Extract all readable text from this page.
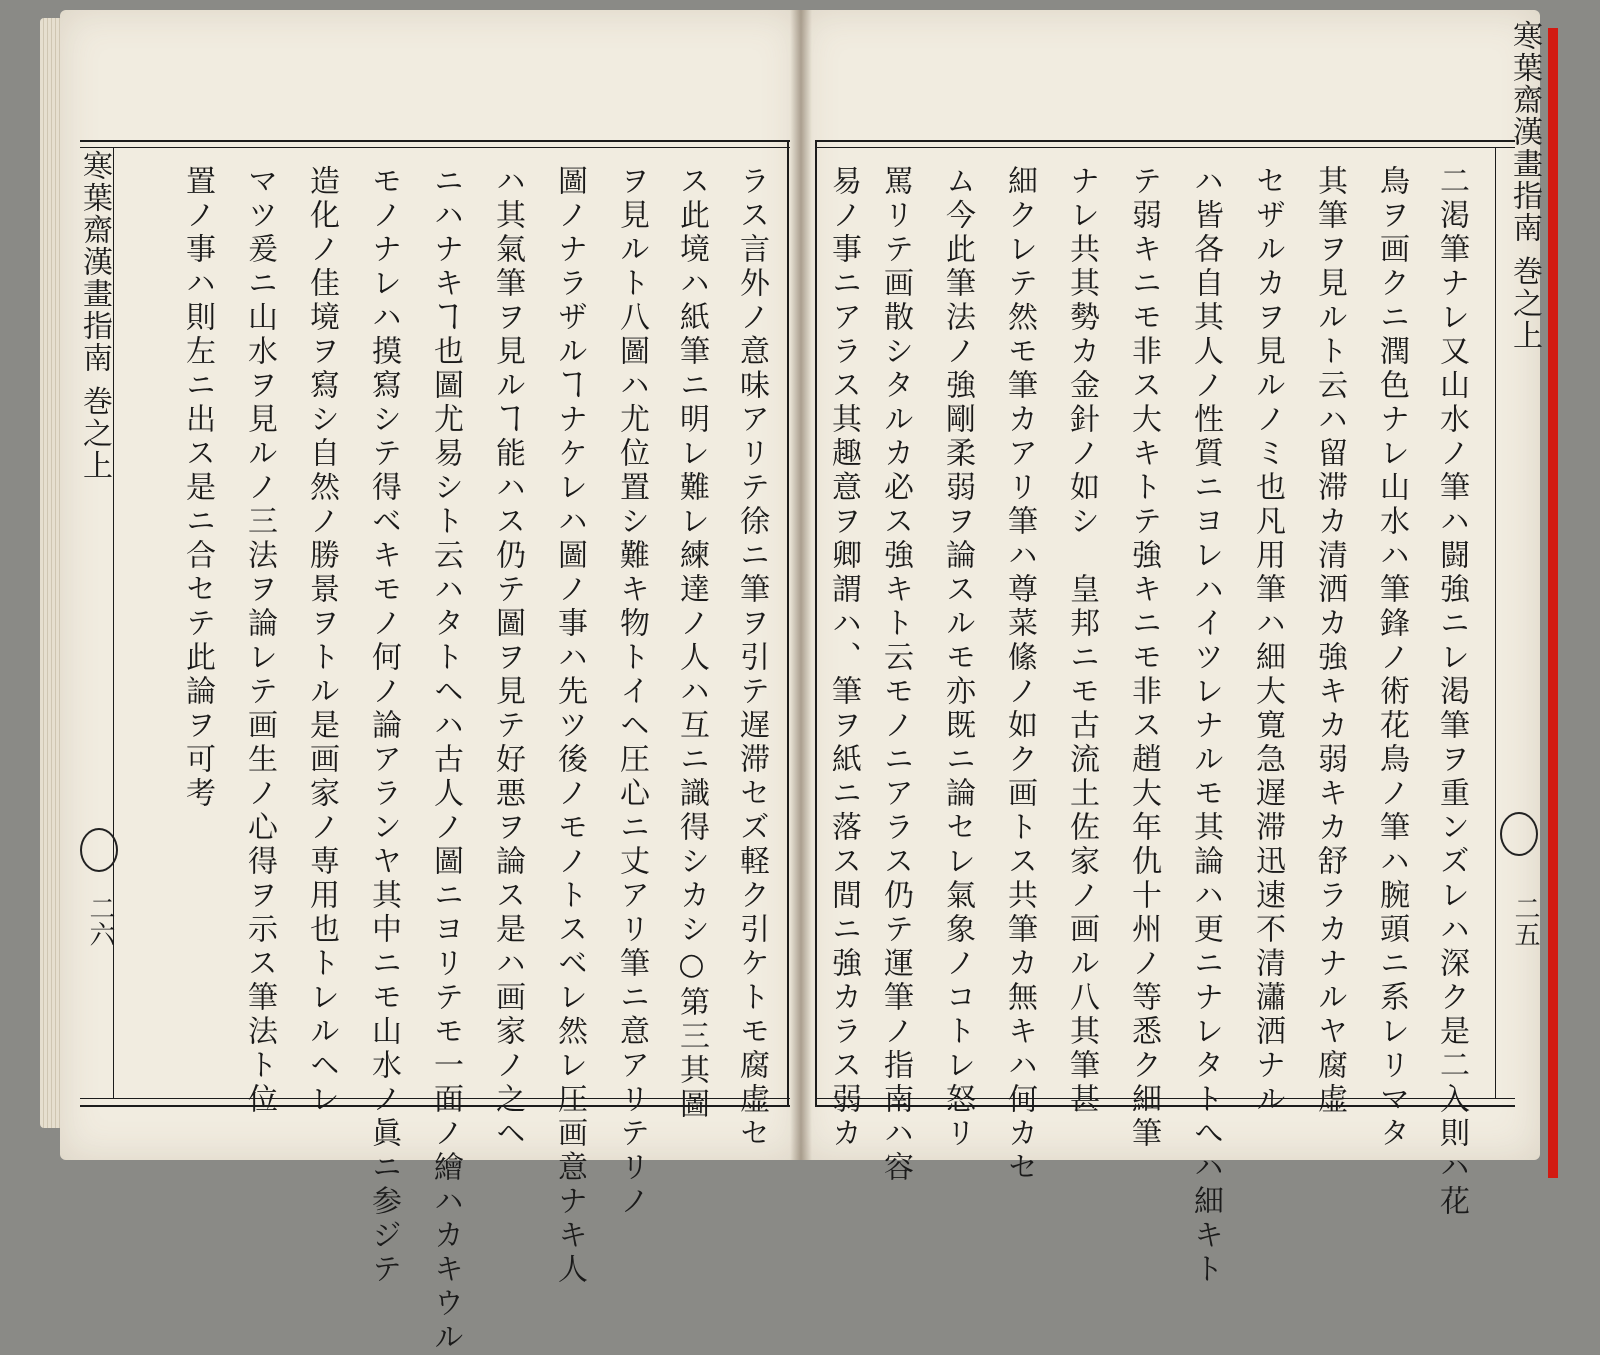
寒葉齋漢畫指南 巻之上	寒葉齋漢畫指南 巻之上
二六	二五
二渇筆ナレ又山水ノ筆ハ闘強ニレ渇筆ヲ重ンズレハ深ク是二入則ハ花
鳥ヲ画クニ潤色ナレ山水ハ筆鋒ノ術花鳥ノ筆ハ腕頭ニ系レリマタ
其筆ヲ見ルト云ハ留滞カ清洒カ強キカ弱キカ舒ラカナルヤ腐虚
セザルカヲ見ルノミ也凡用筆ハ細大寛急遅滞迅速不清瀟洒ナル
ハ皆各自其人ノ性質ニヨレハイツレナルモ其論ハ更ニナレタトへハ細キト
テ弱キニモ非ス大キトテ強キニモ非ス趙大年仇十州ノ等悉ク細筆
ナレ共其勢カ金針ノ如シ　皇邦ニモ古流土佐家ノ画ル八其筆甚
細クレテ然モ筆カアリ筆ハ尊菜絛ノ如ク画トス共筆カ無キハ何カセ
ム今此筆法ノ強剛柔弱ヲ論スルモ亦既ニ論セレ氣象ノコトレ怒リ
罵リテ画散シタルカ必ス強キト云モノニアラス仍テ運筆ノ指南ハ容
易ノ事ニアラス其趣意ヲ卿謂ハ、筆ヲ紙ニ落ス間ニ強カラス弱カ
ラス言外ノ意味アリテ徐ニ筆ヲ引テ遅滞セズ軽ク引ケトモ腐虚セ
ス此境ハ紙筆ニ明レ難レ練達ノ人ハ互ニ識得シカシ○第三其圖
ヲ見ルト八圖ハ尤位置シ難キ物トイヘ圧心ニ丈アリ筆ニ意アリテリノ
圖ノナラザルヿナケレハ圖ノ事ハ先ツ後ノモノトスベレ然レ圧画意ナキ人
ハ其氣筆ヲ見ルヿ能ハス仍テ圖ヲ見テ好悪ヲ論ス是ハ画家ノ之ヘ
ニハナキヿ也圖尤易シト云ハタトヘハ古人ノ圖ニヨリテモ一面ノ繪ハカキウル
モノナレハ摸寫シテ得ベキモノ何ノ論アランヤ其中ニモ山水ノ眞ニ参ジテ
造化ノ佳境ヲ寫シ自然ノ勝景ヲトル是画家ノ専用也トレルヘレ
マツ爰ニ山水ヲ見ルノ三法ヲ論レテ画生ノ心得ヲ示ス筆法ト位
置ノ事ハ則左ニ出ス是ニ合セテ此論ヲ可考
